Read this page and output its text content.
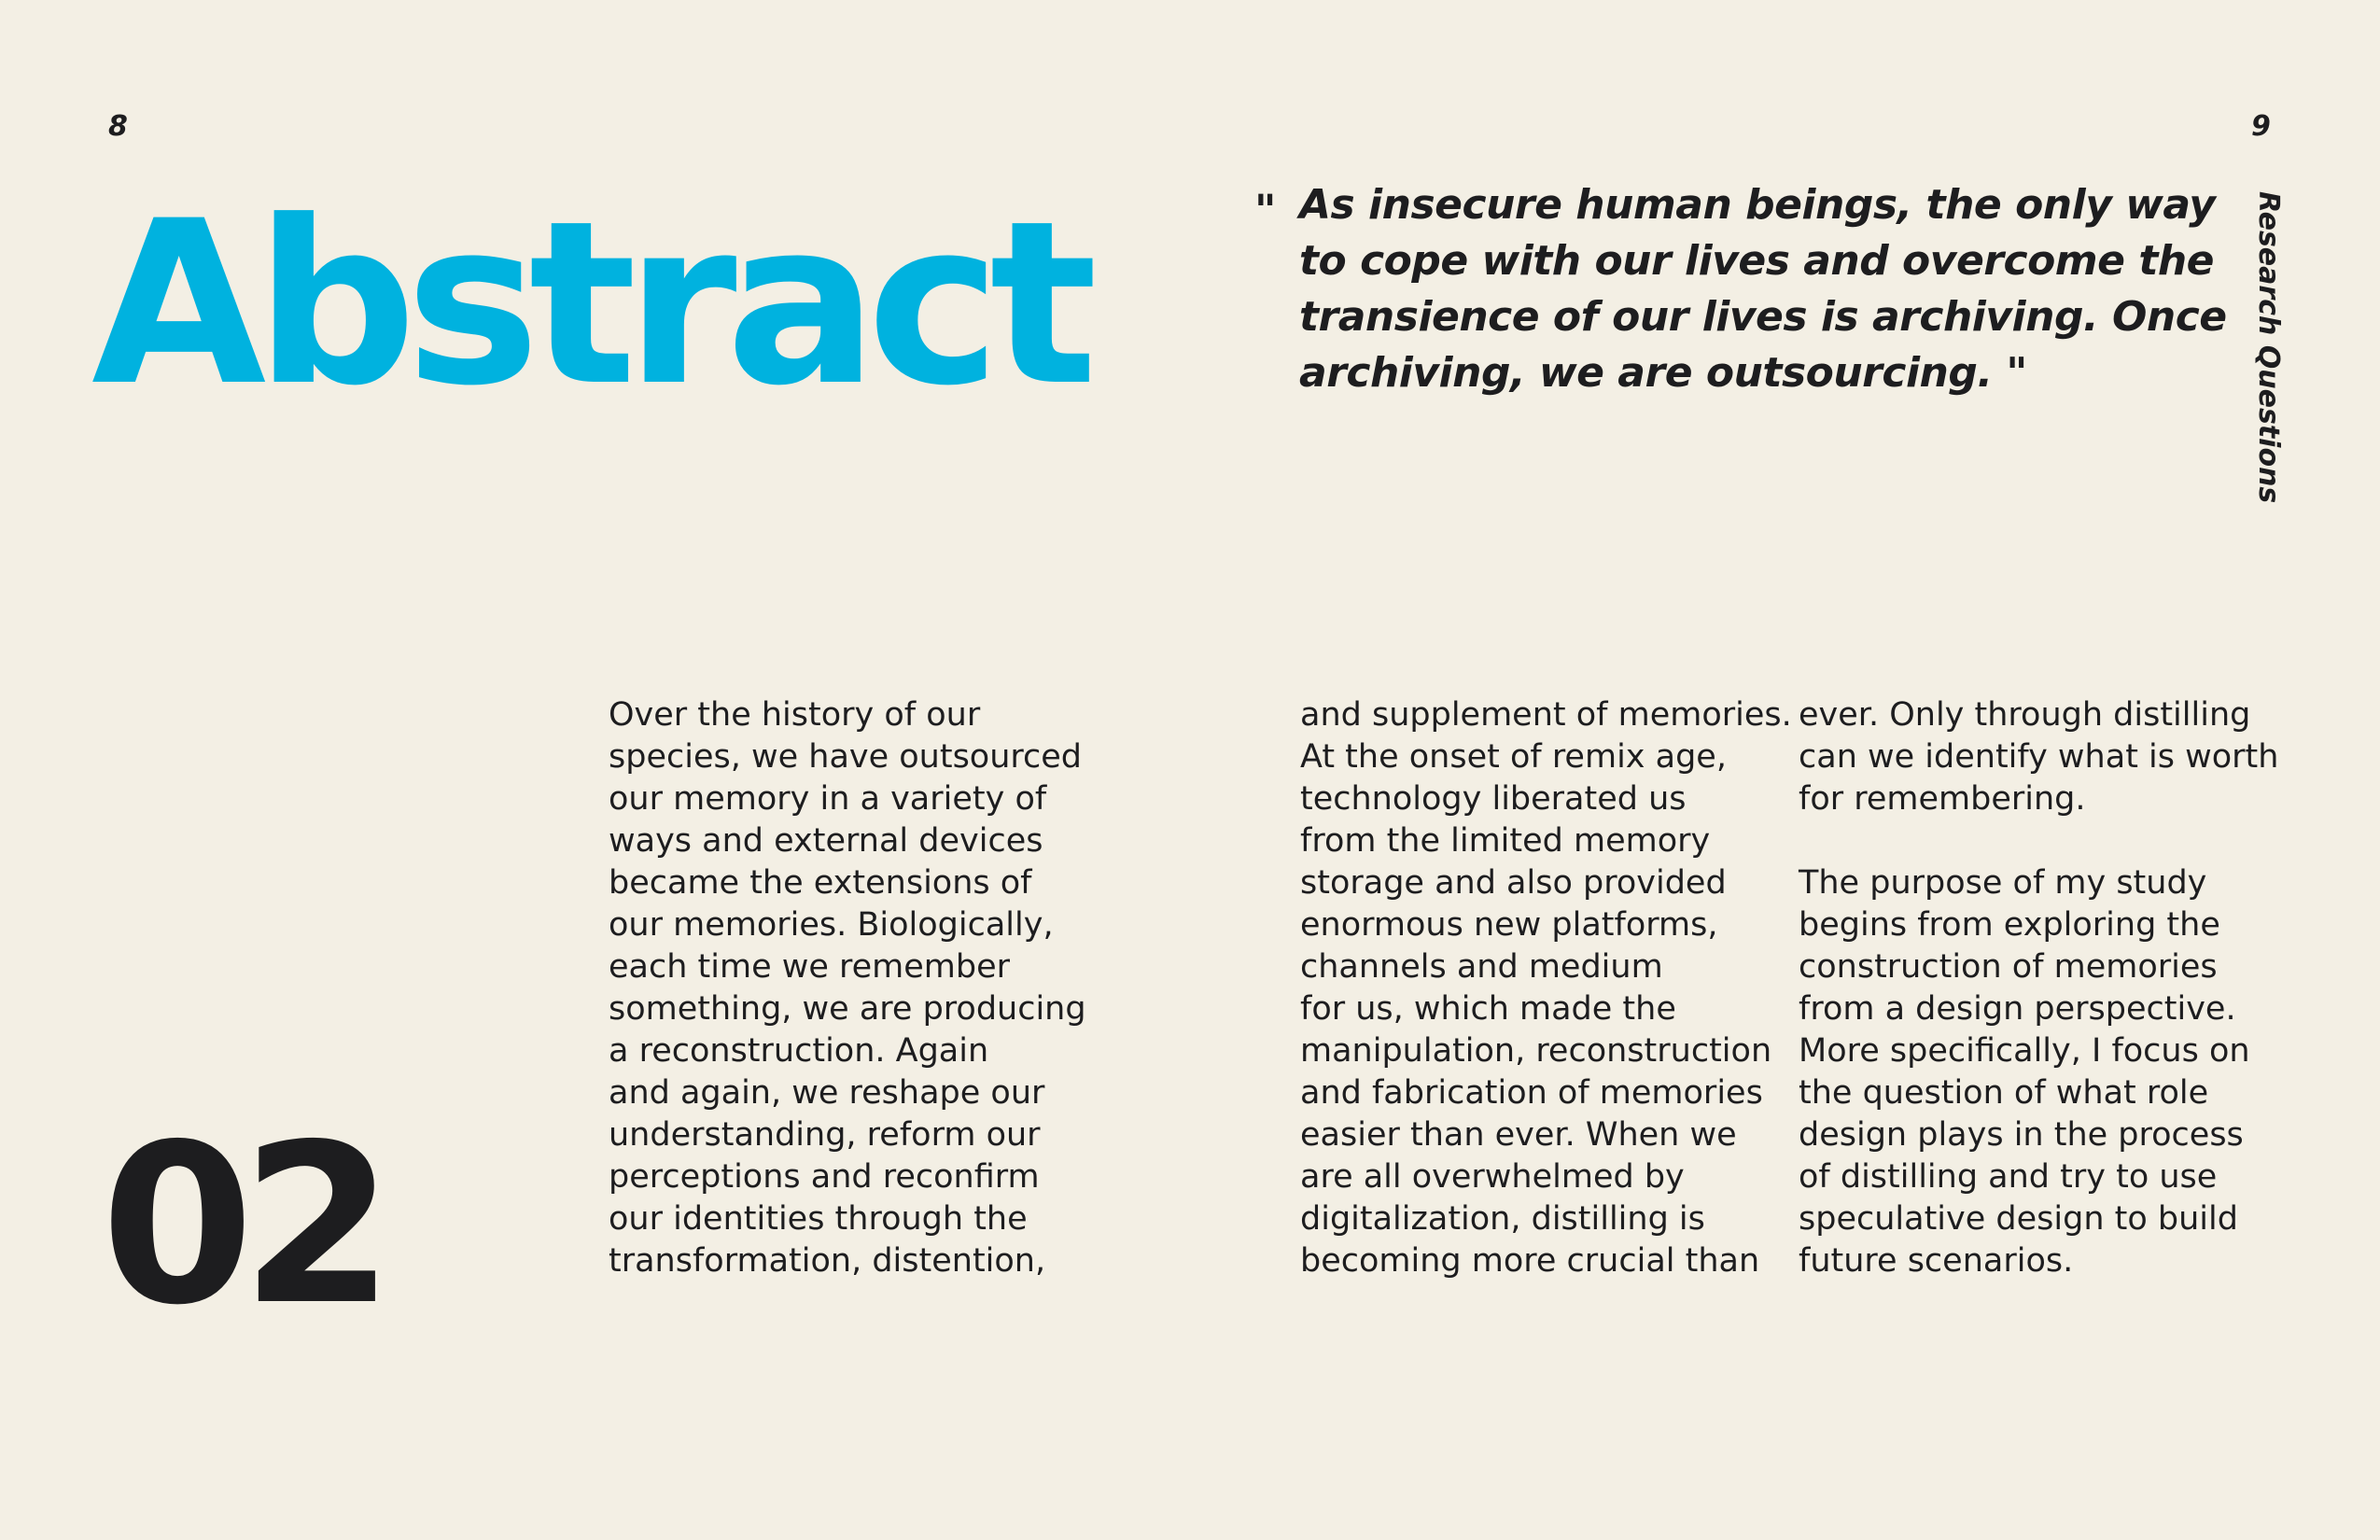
8	9
Abstract	" As insecure human beings, the only way
to cope with our lives and overcome the
transience of our lives is archiving. Once
archiving, we are outsourcing. "	Research Questions
02
Over the history of our
species, we have outsourced
our memory in a variety of
ways and external devices
became the extensions of
our memories. Biologically,
each time we remember
something, we are producing
a reconstruction. Again
and again, we reshape our
understanding, reform our
perceptions and reconfirm
our identities through the
transformation, distention,
and supplement of memories.
At the onset of remix age,
technology liberated us
from the limited memory
storage and also provided
enormous new platforms,
channels and medium
for us, which made the
manipulation, reconstruction
and fabrication of memories
easier than ever. When we
are all overwhelmed by
digitalization, distilling is
becoming more crucial than
ever. Only through distilling
can we identify what is worth
for remembering.

The purpose of my study
begins from exploring the
construction of memories
from a design perspective.
More specifically, I focus on
the question of what role
design plays in the process
of distilling and try to use
speculative design to build
future scenarios.
